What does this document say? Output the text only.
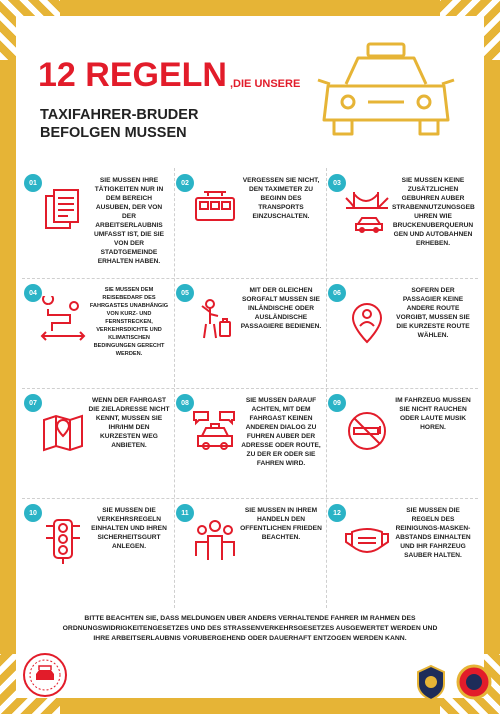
12 REGELN ,DIE UNSERE
TAXIFAHRER-BRUDER
BEFOLGEN MUSSEN
01	SIE MUSSEN IHRE TÄTIGKEITEN NUR IN DEM BEREICH AUSUBEN, DER VON DER ARBEITSERLAUBNIS UMFASST IST, DIE SIE VON DER STADTGEMEINDE ERHALTEN HABEN.
02	VERGESSEN SIE NICHT, DEN TAXIMETER ZU BEGINN DES TRANSPORTS EINZUSCHALTEN.
03	SIE MUSSEN KEINE ZUSÄTZLICHEN GEBUHREN AUBER STRABENNUTZUNGSGEB UHREN WIE BRUCKENUBERQUERUN GEN UND AUTOBAHNEN ERHEBEN.
04	SIE MUSSEN DEM REISEBEDARF DES FAHRGASTES UNABHÄNGIG VON KURZ- UND FERNSTRECKEN, VERKEHRSDICHTE UND KLIMATISCHEN BEDINGUNGEN GERECHT WERDEN.
05	MIT DER GLEICHEN SORGFALT MUSSEN SIE INLÄNDISCHE ODER AUSLÄNDISCHE PASSAGIERE BEDIENEN.
06	SOFERN DER PASSAGIER KEINE ANDERE ROUTE VORGIBT, MUSSEN SIE DIE KURZESTE ROUTE WÄHLEN.
07	WENN DER FAHRGAST DIE ZIELADRESSE NICHT KENNT, MUSSEN SIE IHR/IHM DEN KURZESTEN WEG ANBIETEN.
08	SIE MUSSEN DARAUF ACHTEN, MIT DEM FAHRGAST KEINEN ANDEREN DIALOG ZU FUHREN AUBER DER ADRESSE ODER ROUTE, ZU DER ER ODER SIE FAHREN WIRD.
09	IM FAHRZEUG MUSSEN SIE NICHT RAUCHEN ODER LAUTE MUSIK HOREN.
10	SIE MUSSEN DIE VERKEHRSREGELN EINHALTEN UND IHREN SICHERHEITSGURT ANLEGEN.
11	SIE MUSSEN IN IHREM HANDELN DEN OFFENTLICHEN FRIEDEN BEACHTEN.
12	SIE MUSSEN DIE REGELN DES REINIGUNGS-MASKEN-ABSTANDS EINHALTEN UND IHR FAHRZEUG SAUBER HALTEN.
BITTE BEACHTEN SIE, DASS MELDUNGEN UBER ANDERS VERHALTENDE FAHRER IM RAHMEN DES ORDNUNGSWIDRIGKEITENGESETZES UND DES STRASSENVERKEHRSGESETZES AUSGEWERTET WERDEN UND IHRE ARBEITSERLAUBNIS VORUBERGEHEND ODER DAUERHAFT ENTZOGEN WERDEN KANN.
